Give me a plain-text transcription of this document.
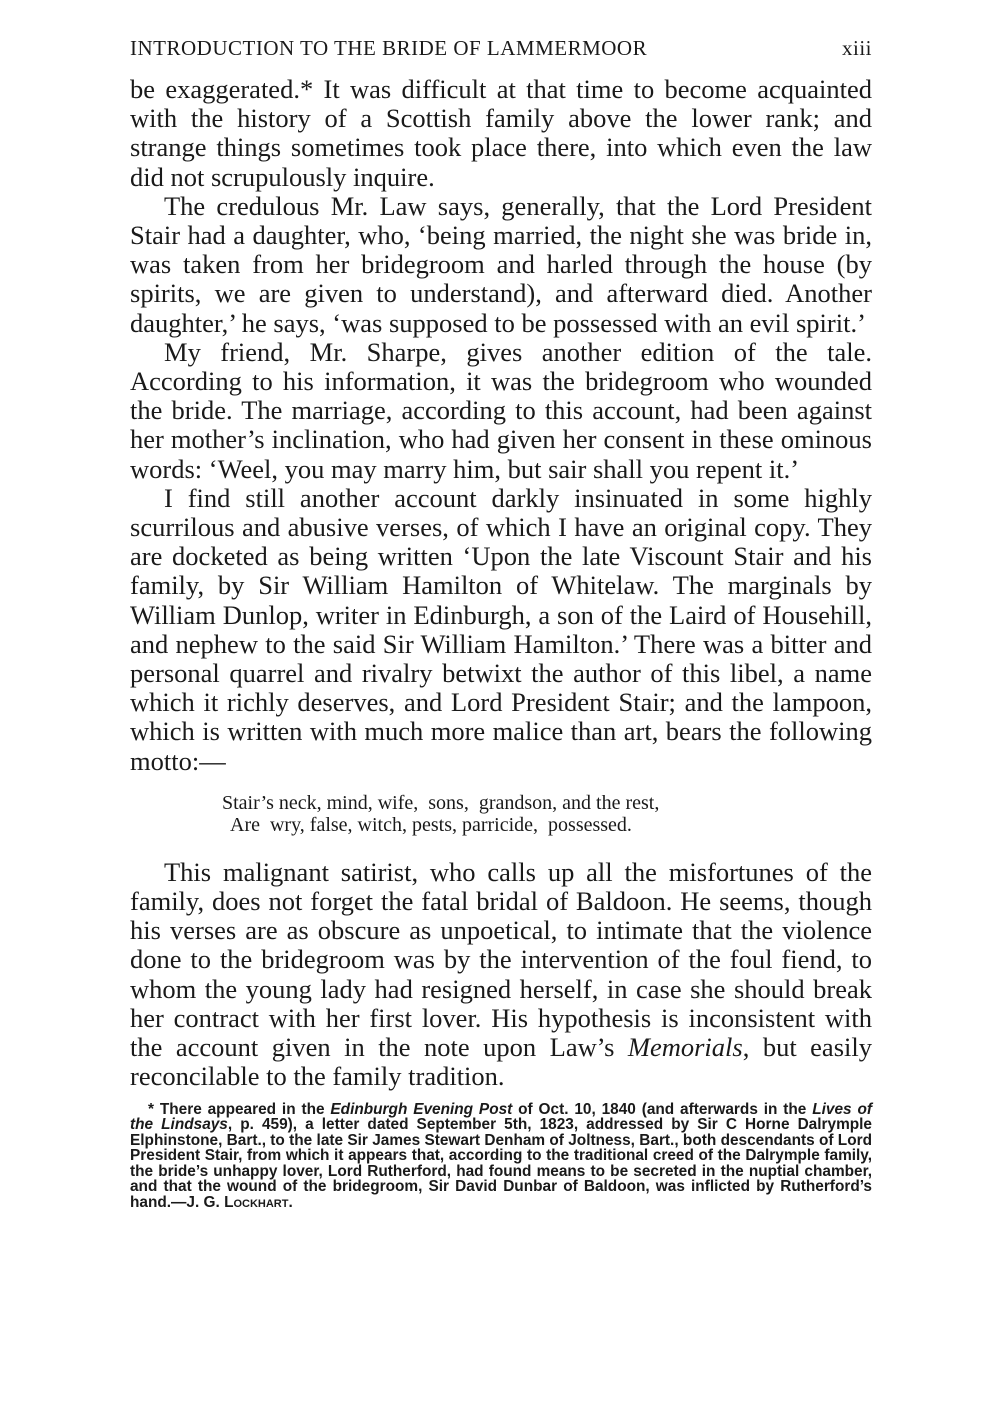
INTRODUCTION TO THE BRIDE OF LAMMERMOOR	xiii

be exaggerated.* It was difficult at that time to become acquainted with the history of a Scottish family above the lower rank; and strange things sometimes took place there, into which even the law did not scrupulously inquire.

The credulous Mr. Law says, generally, that the Lord President Stair had a daughter, who, ‘being married, the night she was bride in, was taken from her bridegroom and harled through the house (by spirits, we are given to understand), and afterward died. Another daughter,’ he says, ‘was supposed to be possessed with an evil spirit.’

My friend, Mr. Sharpe, gives another edition of the tale. According to his information, it was the bridegroom who wounded the bride. The marriage, according to this account, had been against her mother’s inclination, who had given her consent in these ominous words: ‘Weel, you may marry him, but sair shall you repent it.’

I find still another account darkly insinuated in some highly scurrilous and abusive verses, of which I have an original copy. They are docketed as being written ‘Upon the late Viscount Stair and his family, by Sir William Hamilton of Whitelaw. The marginals by William Dunlop, writer in Edinburgh, a son of the Laird of Househill, and nephew to the said Sir William Hamilton.’ There was a bitter and personal quarrel and rivalry betwixt the author of this libel, a name which it richly deserves, and Lord President Stair; and the lampoon, which is written with much more malice than art, bears the following motto:—

Stair’s neck, mind, wife,  sons,  grandson, and the rest,
Are  wry, false, witch, pests, parricide,  possessed.

This malignant satirist, who calls up all the misfortunes of the family, does not forget the fatal bridal of Baldoon. He seems, though his verses are as obscure as unpoetical, to intimate that the violence done to the bridegroom was by the intervention of the foul fiend, to whom the young lady had resigned herself, in case she should break her contract with her first lover. His hypothesis is inconsistent with the account given in the note upon Law’s Memorials, but easily reconcilable to the family tradition.

* There appeared in the Edinburgh Evening Post of Oct. 10, 1840 (and afterwards in the Lives of the Lindsays, p. 459), a letter dated September 5th, 1823, addressed by Sir C Horne Dalrymple Elphinstone, Bart., to the late Sir James Stewart Denham of Joltness, Bart., both descendants of Lord President Stair, from which it appears that, according to the traditional creed of the Dalrymple family, the bride’s unhappy lover, Lord Rutherford, had found means to be secreted in the nuptial chamber, and that the wound of the bridegroom, Sir David Dunbar of Baldoon, was inflicted by Rutherford’s hand.—J. G. Lockhart.
